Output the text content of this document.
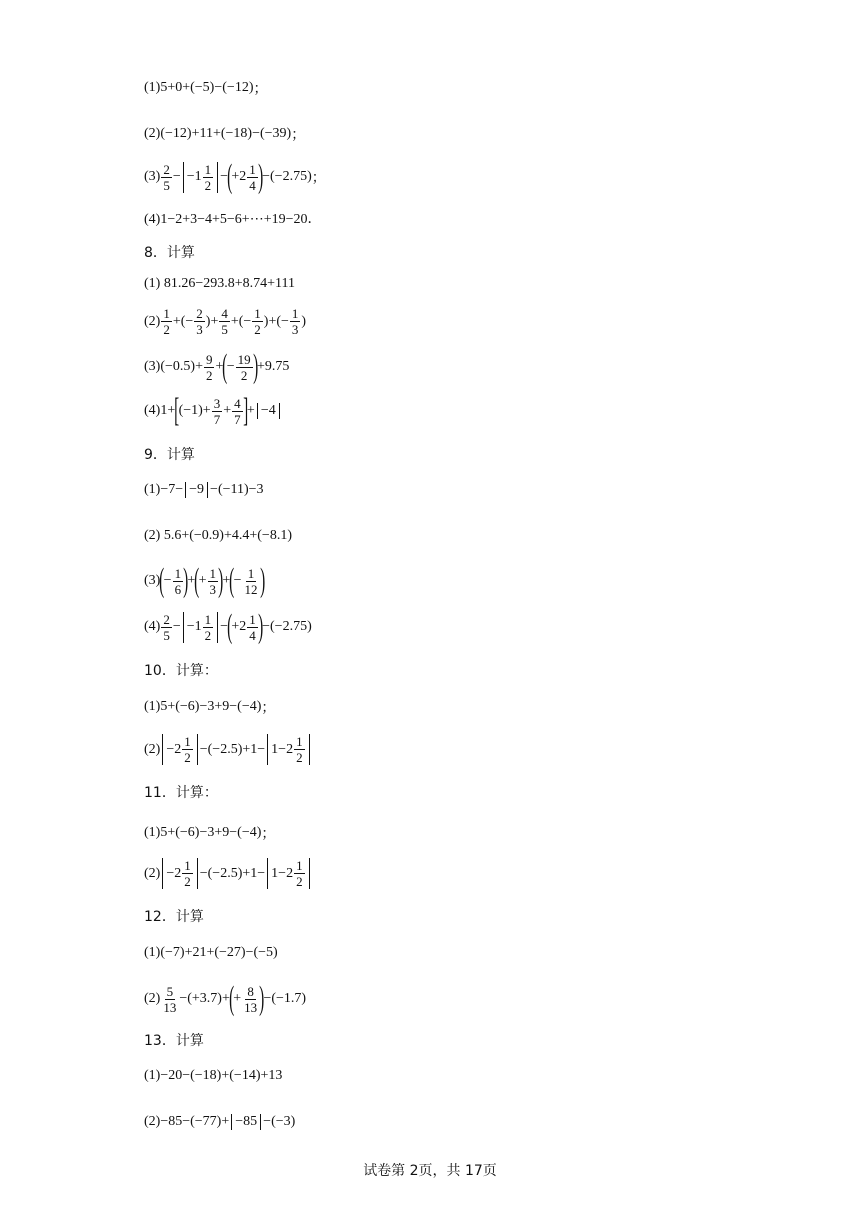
(1)5+0+ (−5) − (−12) ；
(2) (−12) +11+ (−18) − (−39) ；
$(3) \frac{2}{5} - -1 \frac{1}{2}$ − ( $+2 \frac{1}{4}$ ) − (−2.75) ；
(4)1−2+3−4+5−6+⋯+19−20．
8．计算
(1) 81.26−293.8+8.74+111
$(2) \frac{1}{2}$ +(− $\frac{2}{3}$ )+ $\frac{4}{5}$ +(− $\frac{1}{2}$ )+(− $\frac{1}{3}$ )
(3) $(-0.5) + \frac{9}{2}$ + ( − $\frac{19}{2}$ ) +9.75
(4)1+ [ $(-1)+ \frac{3}{7} + \frac{4}{7}$ ] + −4
9．计算
(1)−7− −9 − (−11) −3
(2) 5.6+ (−0.9) +4.4+ (−8.1)
(3) ( − $\frac{1}{6}$ ) + ( + $\frac{1}{3}$ ) + ( − $\frac{1}{12}$ )
$(4) \frac{2}{5} - -1 \frac{1}{2}$ − ( $+2 \frac{1}{4}$ ) − (−2.75)
10．计算：
(1)5+ (−6) −3+9− (−4) ；
$(2) -2 \frac{1}{2} - (-2.5) +1- 1-2 \frac{1}{2}$
11．计算：
(1)5+ (−6) −3+9− (−4) ；
$(2) -2 \frac{1}{2} - (-2.5) +1- 1-2 \frac{1}{2}$
12．计算
(1) (−7) +21+ (−27) − (−5)
$(2) \frac{5}{13} - (+3.7)$ + ( + $\frac{8}{13}$ ) − (−1.7)
13．计算
(1)−20− (−18) + (−14) +13
(2)−85− (−77) + −85 − (−3)
试卷第 2页，共 17页
